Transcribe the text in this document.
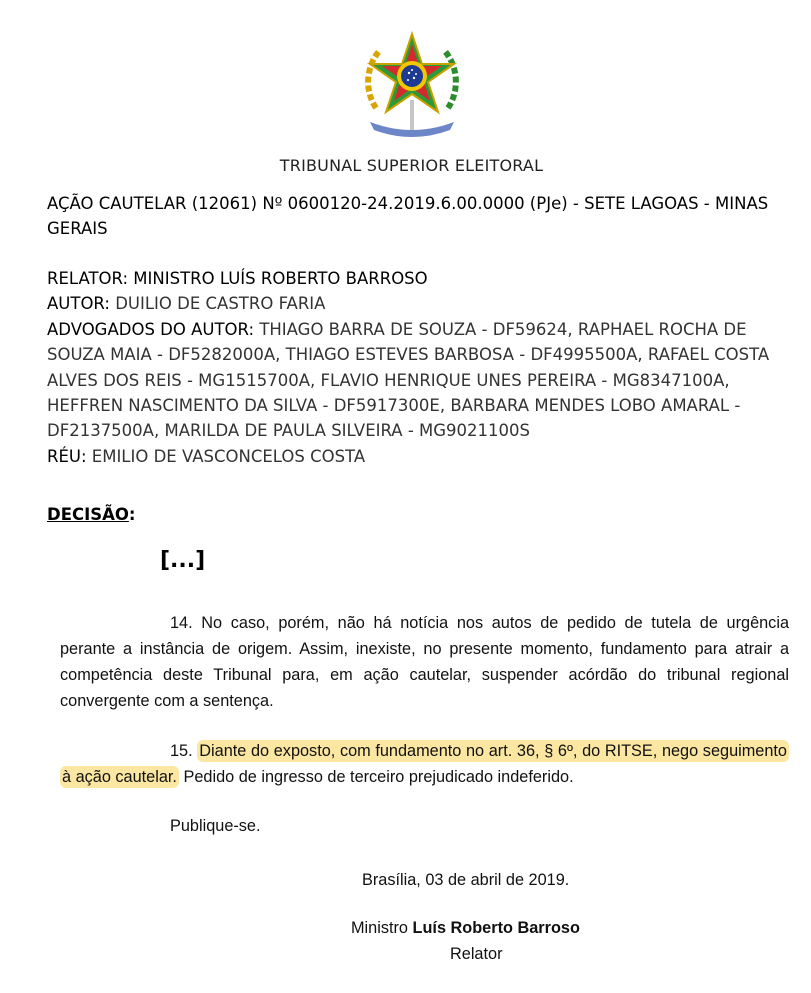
TRIBUNAL SUPERIOR ELEITORAL

AÇÃO CAUTELAR (12061) Nº 0600120-24.2019.6.00.0000 (PJe) - SETE LAGOAS - MINAS GERAIS

RELATOR: MINISTRO LUÍS ROBERTO BARROSO
AUTOR: DUILIO DE CASTRO FARIA
ADVOGADOS DO AUTOR: THIAGO BARRA DE SOUZA - DF59624, RAPHAEL ROCHA DE SOUZA MAIA - DF5282000A, THIAGO ESTEVES BARBOSA - DF4995500A, RAFAEL COSTA ALVES DOS REIS - MG1515700A, FLAVIO HENRIQUE UNES PEREIRA - MG8347100A, HEFFREN NASCIMENTO DA SILVA - DF5917300E, BARBARA MENDES LOBO AMARAL - DF2137500A, MARILDA DE PAULA SILVEIRA - MG9021100S
RÉU: EMILIO DE VASCONCELOS COSTA
DECISÃO:
[...]
14. No caso, porém, não há notícia nos autos de pedido de tutela de urgência perante a instância de origem. Assim, inexiste, no presente momento, fundamento para atrair a competência deste Tribunal para, em ação cautelar, suspender acórdão do tribunal regional convergente com a sentença.
15. Diante do exposto, com fundamento no art. 36, § 6º, do RITSE, nego seguimento à ação cautelar. Pedido de ingresso de terceiro prejudicado indeferido.
Publique-se.
Brasília, 03 de abril de 2019.
Ministro Luís Roberto Barroso
Relator
